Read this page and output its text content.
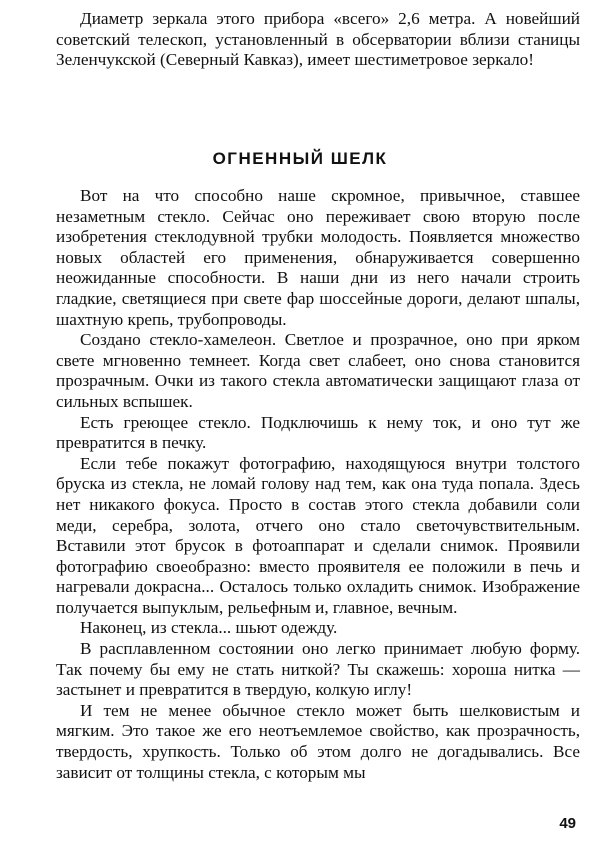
Диаметр зеркала этого прибора «всего» 2,6 метра. А новейший советский телескоп, установленный в обсерватории вблизи станицы Зеленчукской (Северный Кавказ), имеет шестиметровое зеркало!

ОГНЕННЫЙ ШЕЛК

Вот на что способно наше скромное, привычное, ставшее незаметным стекло. Сейчас оно переживает свою вторую после изобретения стеклодувной трубки молодость. Появляется множество новых областей его применения, обнаруживается совершенно неожиданные способности. В наши дни из него начали строить гладкие, светящиеся при свете фар шоссейные дороги, делают шпалы, шахтную крепь, трубопроводы.

Создано стекло-хамелеон. Светлое и прозрачное, оно при ярком свете мгновенно темнеет. Когда свет слабеет, оно снова становится прозрачным. Очки из такого стекла автоматически защищают глаза от сильных вспышек.

Есть греющее стекло. Подключишь к нему ток, и оно тут же превратится в печку.

Если тебе покажут фотографию, находящуюся внутри толстого бруска из стекла, не ломай голову над тем, как она туда попала. Здесь нет никакого фокуса. Просто в состав этого стекла добавили соли меди, серебра, золота, отчего оно стало светочувствительным. Вставили этот брусок в фотоаппарат и сделали снимок. Проявили фотографию своеобразно: вместо проявителя ее положили в печь и нагревали докрасна... Осталось только охладить снимок. Изображение получается выпуклым, рельефным и, главное, вечным.

Наконец, из стекла... шьют одежду.

В расплавленном состоянии оно легко принимает любую форму. Так почему бы ему не стать ниткой? Ты скажешь: хороша нитка — застынет и превратится в твердую, колкую иглу!

И тем не менее обычное стекло может быть шелковистым и мягким. Это такое же его неотъемлемое свойство, как прозрачность, твердость, хрупкость. Только об этом долго не догадывались. Все зависит от толщины стекла, с которым мы

49
